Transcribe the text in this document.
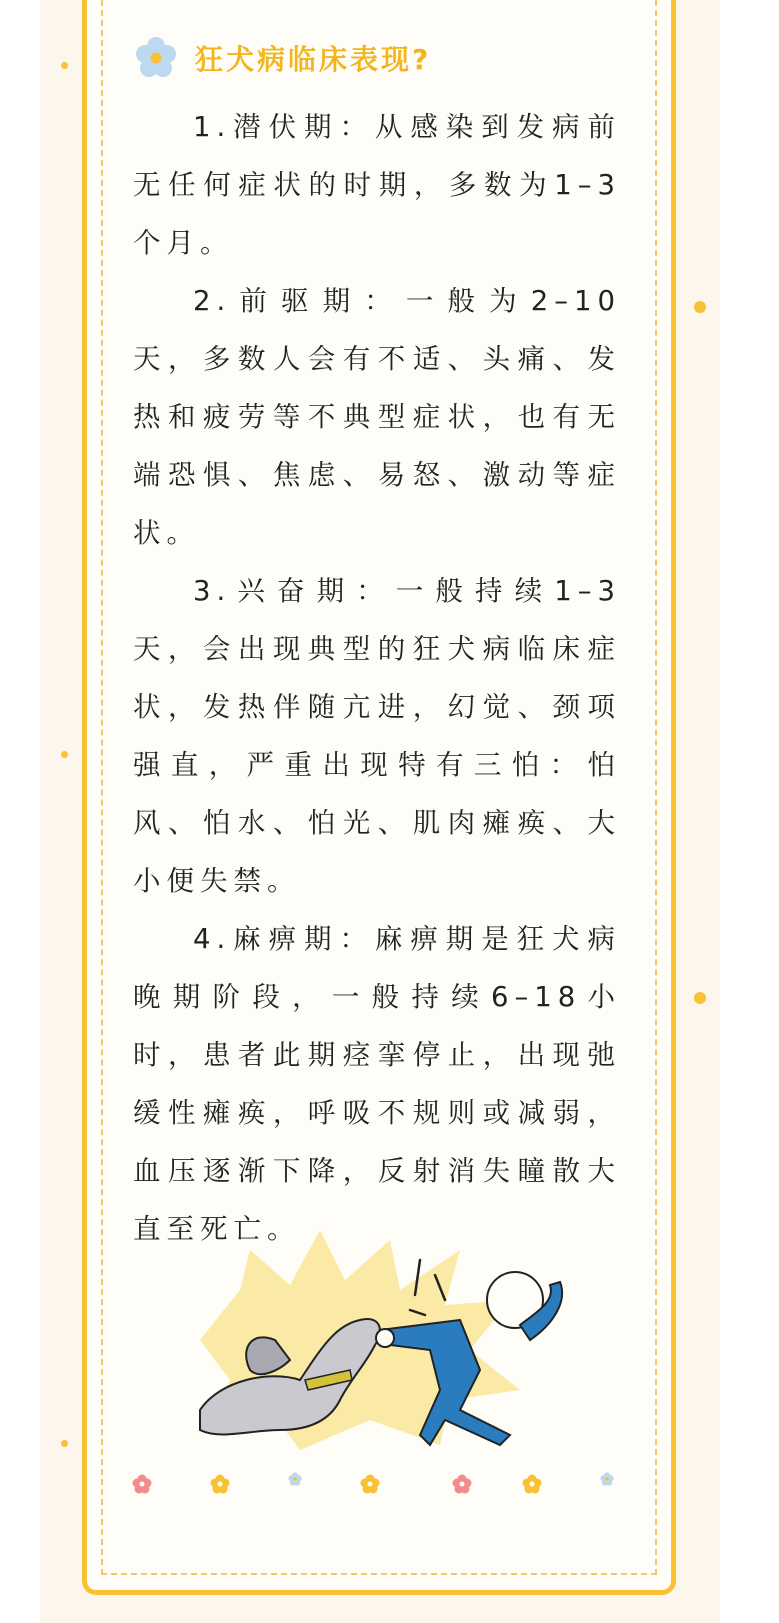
狂犬病临床表现?

1.潜伏期：从感染到发病前无任何症状的时期，多数为1–3个月。

2.前驱期：一般为2–10天，多数人会有不适、头痛、发热和疲劳等不典型症状，也有无端恐惧、焦虑、易怒、激动等症状。

3.兴奋期：一般持续1–3天，会出现典型的狂犬病临床症状，发热伴随亢进，幻觉、颈项强直，严重出现特有三怕：怕风、怕水、怕光、肌肉瘫痪、大小便失禁。

4.麻痹期：麻痹期是狂犬病晚期阶段，一般持续6–18小时，患者此期痉挛停止，出现弛缓性瘫痪，呼吸不规则或减弱，血压逐渐下降，反射消失瞳散大直至死亡。
